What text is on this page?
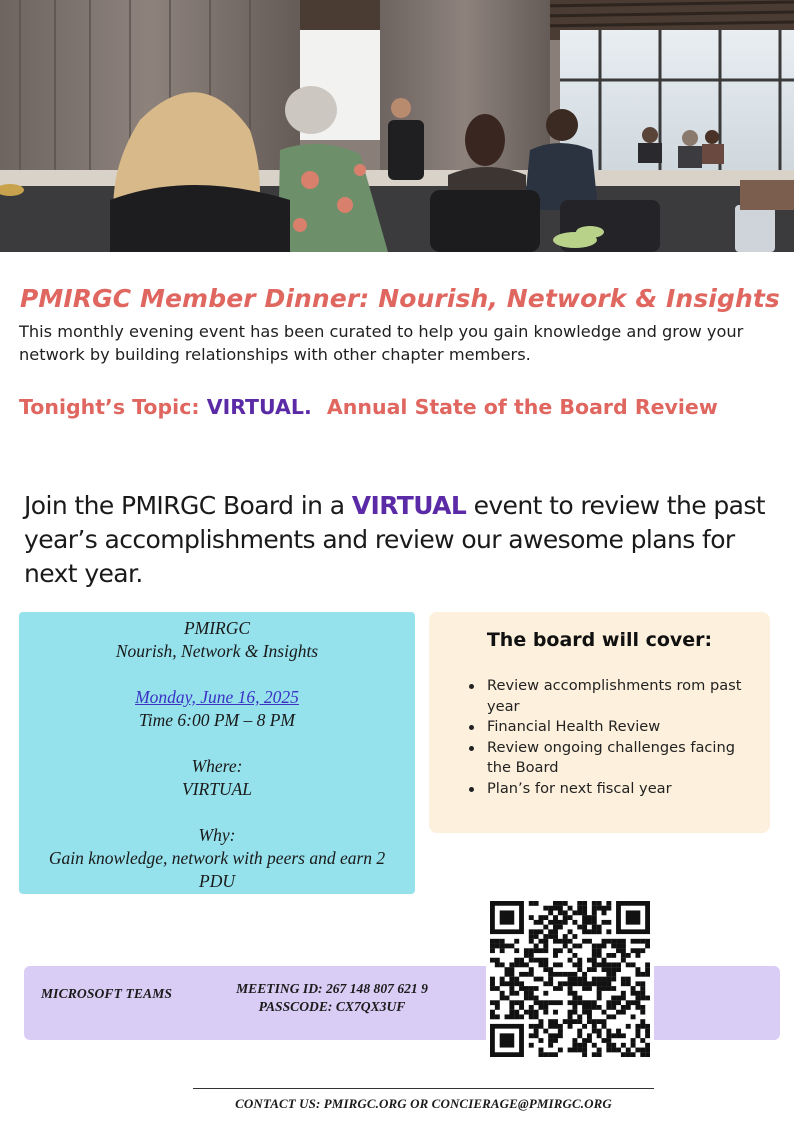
PMIRGC Member Dinner: Nourish, Network & Insights
This monthly evening event has been curated to help you gain knowledge and grow your network by building relationships with other chapter members.
Tonight’s Topic: VIRTUAL. Annual State of the Board Review
Join the PMIRGC Board in a VIRTUAL event to review the past year’s accomplishments and review our awesome plans for next year.
PMIRGC
Nourish, Network & Insights
Monday, June 16, 2025
Time 6:00 PM – 8 PM
Where:
VIRTUAL
Why:
Gain knowledge, network with peers and earn 2 PDU
The board will cover:
Review accomplishments rom past year
Financial Health Review
Review ongoing challenges facing the Board
Plan’s for next fiscal year
MICROSOFT TEAMS	MEETING ID: 267 148 807 621 9
PASSCODE: CX7QX3UF
CONTACT US: PMIRGC.ORG OR CONCIERAGE@PMIRGC.ORG
